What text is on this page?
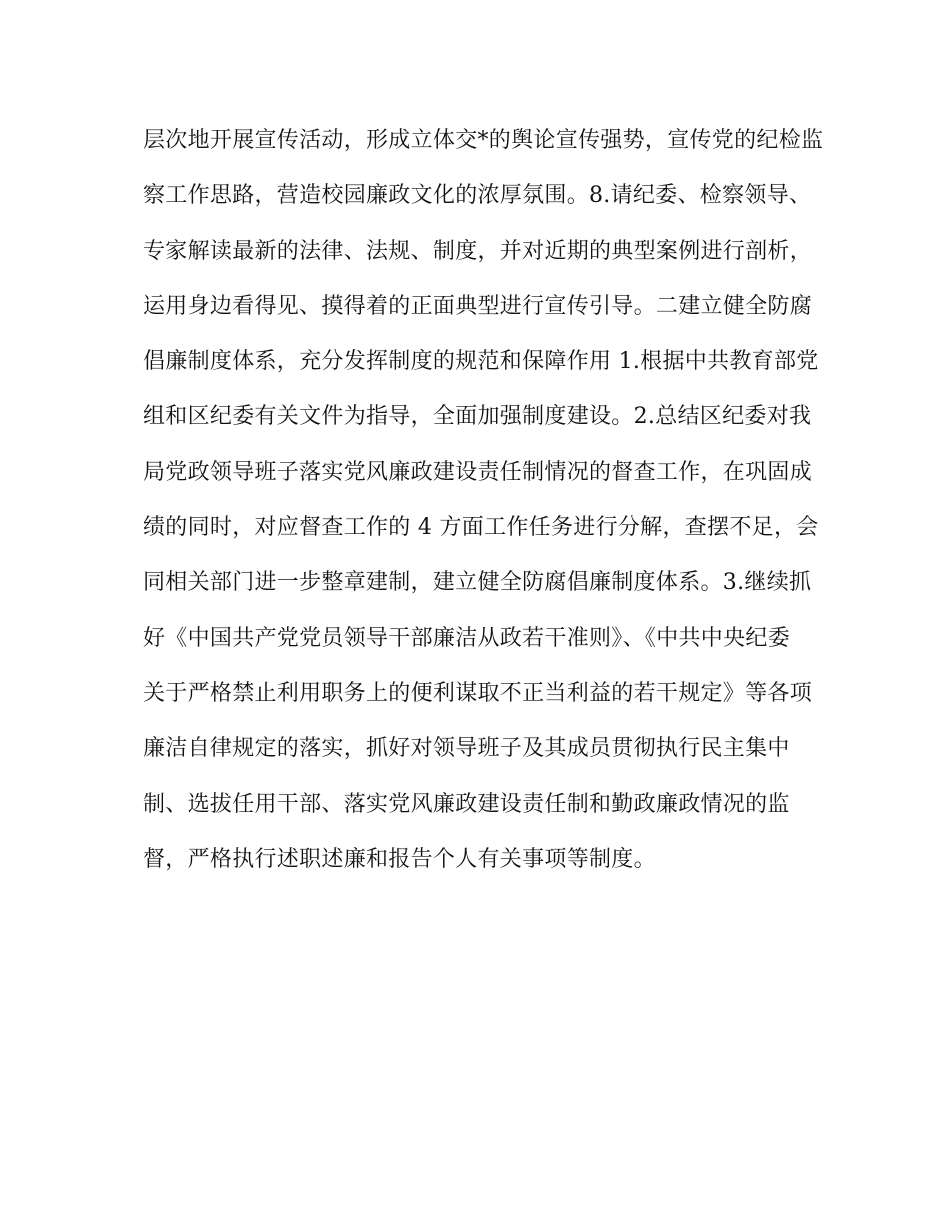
层次地开展宣传活动，形成立体交*的舆论宣传强势，宣传党的纪检监
察工作思路，营造校园廉政文化的浓厚氛围。8.请纪委、检察领导、
专家解读最新的法律、法规、制度，并对近期的典型案例进行剖析，
运用身边看得见、摸得着的正面典型进行宣传引导。二建立健全防腐
倡廉制度体系，充分发挥制度的规范和保障作用 1.根据中共教育部党
组和区纪委有关文件为指导，全面加强制度建设。2.总结区纪委对我
局党政领导班子落实党风廉政建设责任制情况的督查工作，在巩固成
绩的同时，对应督查工作的 4 方面工作任务进行分解，查摆不足，会
同相关部门进一步整章建制，建立健全防腐倡廉制度体系。3.继续抓
好《中国共产党党员领导干部廉洁从政若干准则》、《中共中央纪委
关于严格禁止利用职务上的便利谋取不正当利益的若干规定》等各项
廉洁自律规定的落实，抓好对领导班子及其成员贯彻执行民主集中
制、选拔任用干部、落实党风廉政建设责任制和勤政廉政情况的监
督，严格执行述职述廉和报告个人有关事项等制度。
